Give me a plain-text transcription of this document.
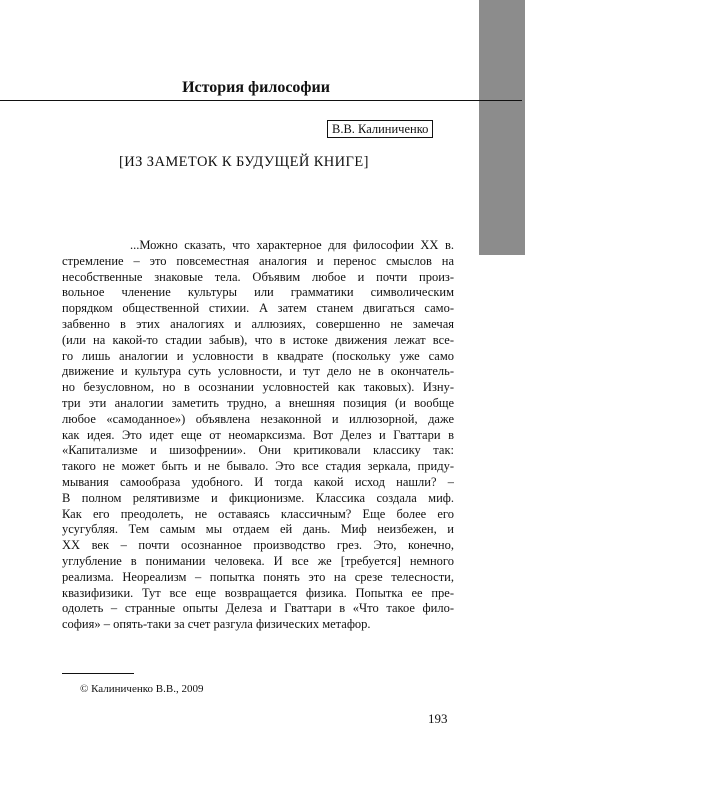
История философии
В.В. Калиниченко
[ИЗ ЗАМЕТОК К БУДУЩЕЙ КНИГЕ]
...Можно сказать, что характерное для философии XX в.
стремление – это повсеместная аналогия и перенос смыслов на
несобственные знаковые тела. Объявим любое и почти произ-
вольное членение культуры или грамматики символическим
порядком общественной стихии. А затем станем двигаться само-
забвенно в этих аналогиях и аллюзиях, совершенно не замечая
(или на какой-то стадии забыв), что в истоке движения лежат все-
го лишь аналогии и условности в квадрате (поскольку уже само
движение и культура суть условности, и тут дело не в окончатель-
но безусловном, но в осознании условностей как таковых). Изну-
три эти аналогии заметить трудно, а внешняя позиция (и вообще
любое «самоданное») объявлена незаконной и иллюзорной, даже
как идея. Это идет еще от неомарксизма. Вот Делез и Гваттари в
«Капитализме и шизофрении». Они критиковали классику так:
такого не может быть и не бывало. Это все стадия зеркала, приду-
мывания самообраза удобного. И тогда какой исход нашли? –
В полном релятивизме и фикционизме. Классика создала миф.
Как его преодолеть, не оставаясь классичным? Еще более его
усугубляя. Тем самым мы отдаем ей дань. Миф неизбежен, и
XX век – почти осознанное производство грез. Это, конечно,
углубление в понимании человека. И все же [требуется] немного
реализма. Неореализм – попытка понять это на срезе телесности,
квазифизики. Тут все еще возвращается физика. Попытка ее пре-
одолеть – странные опыты Делеза и Гваттари в «Что такое фило-
софия» – опять-таки за счет разгула физических метафор.
© Калиниченко В.В., 2009
193
